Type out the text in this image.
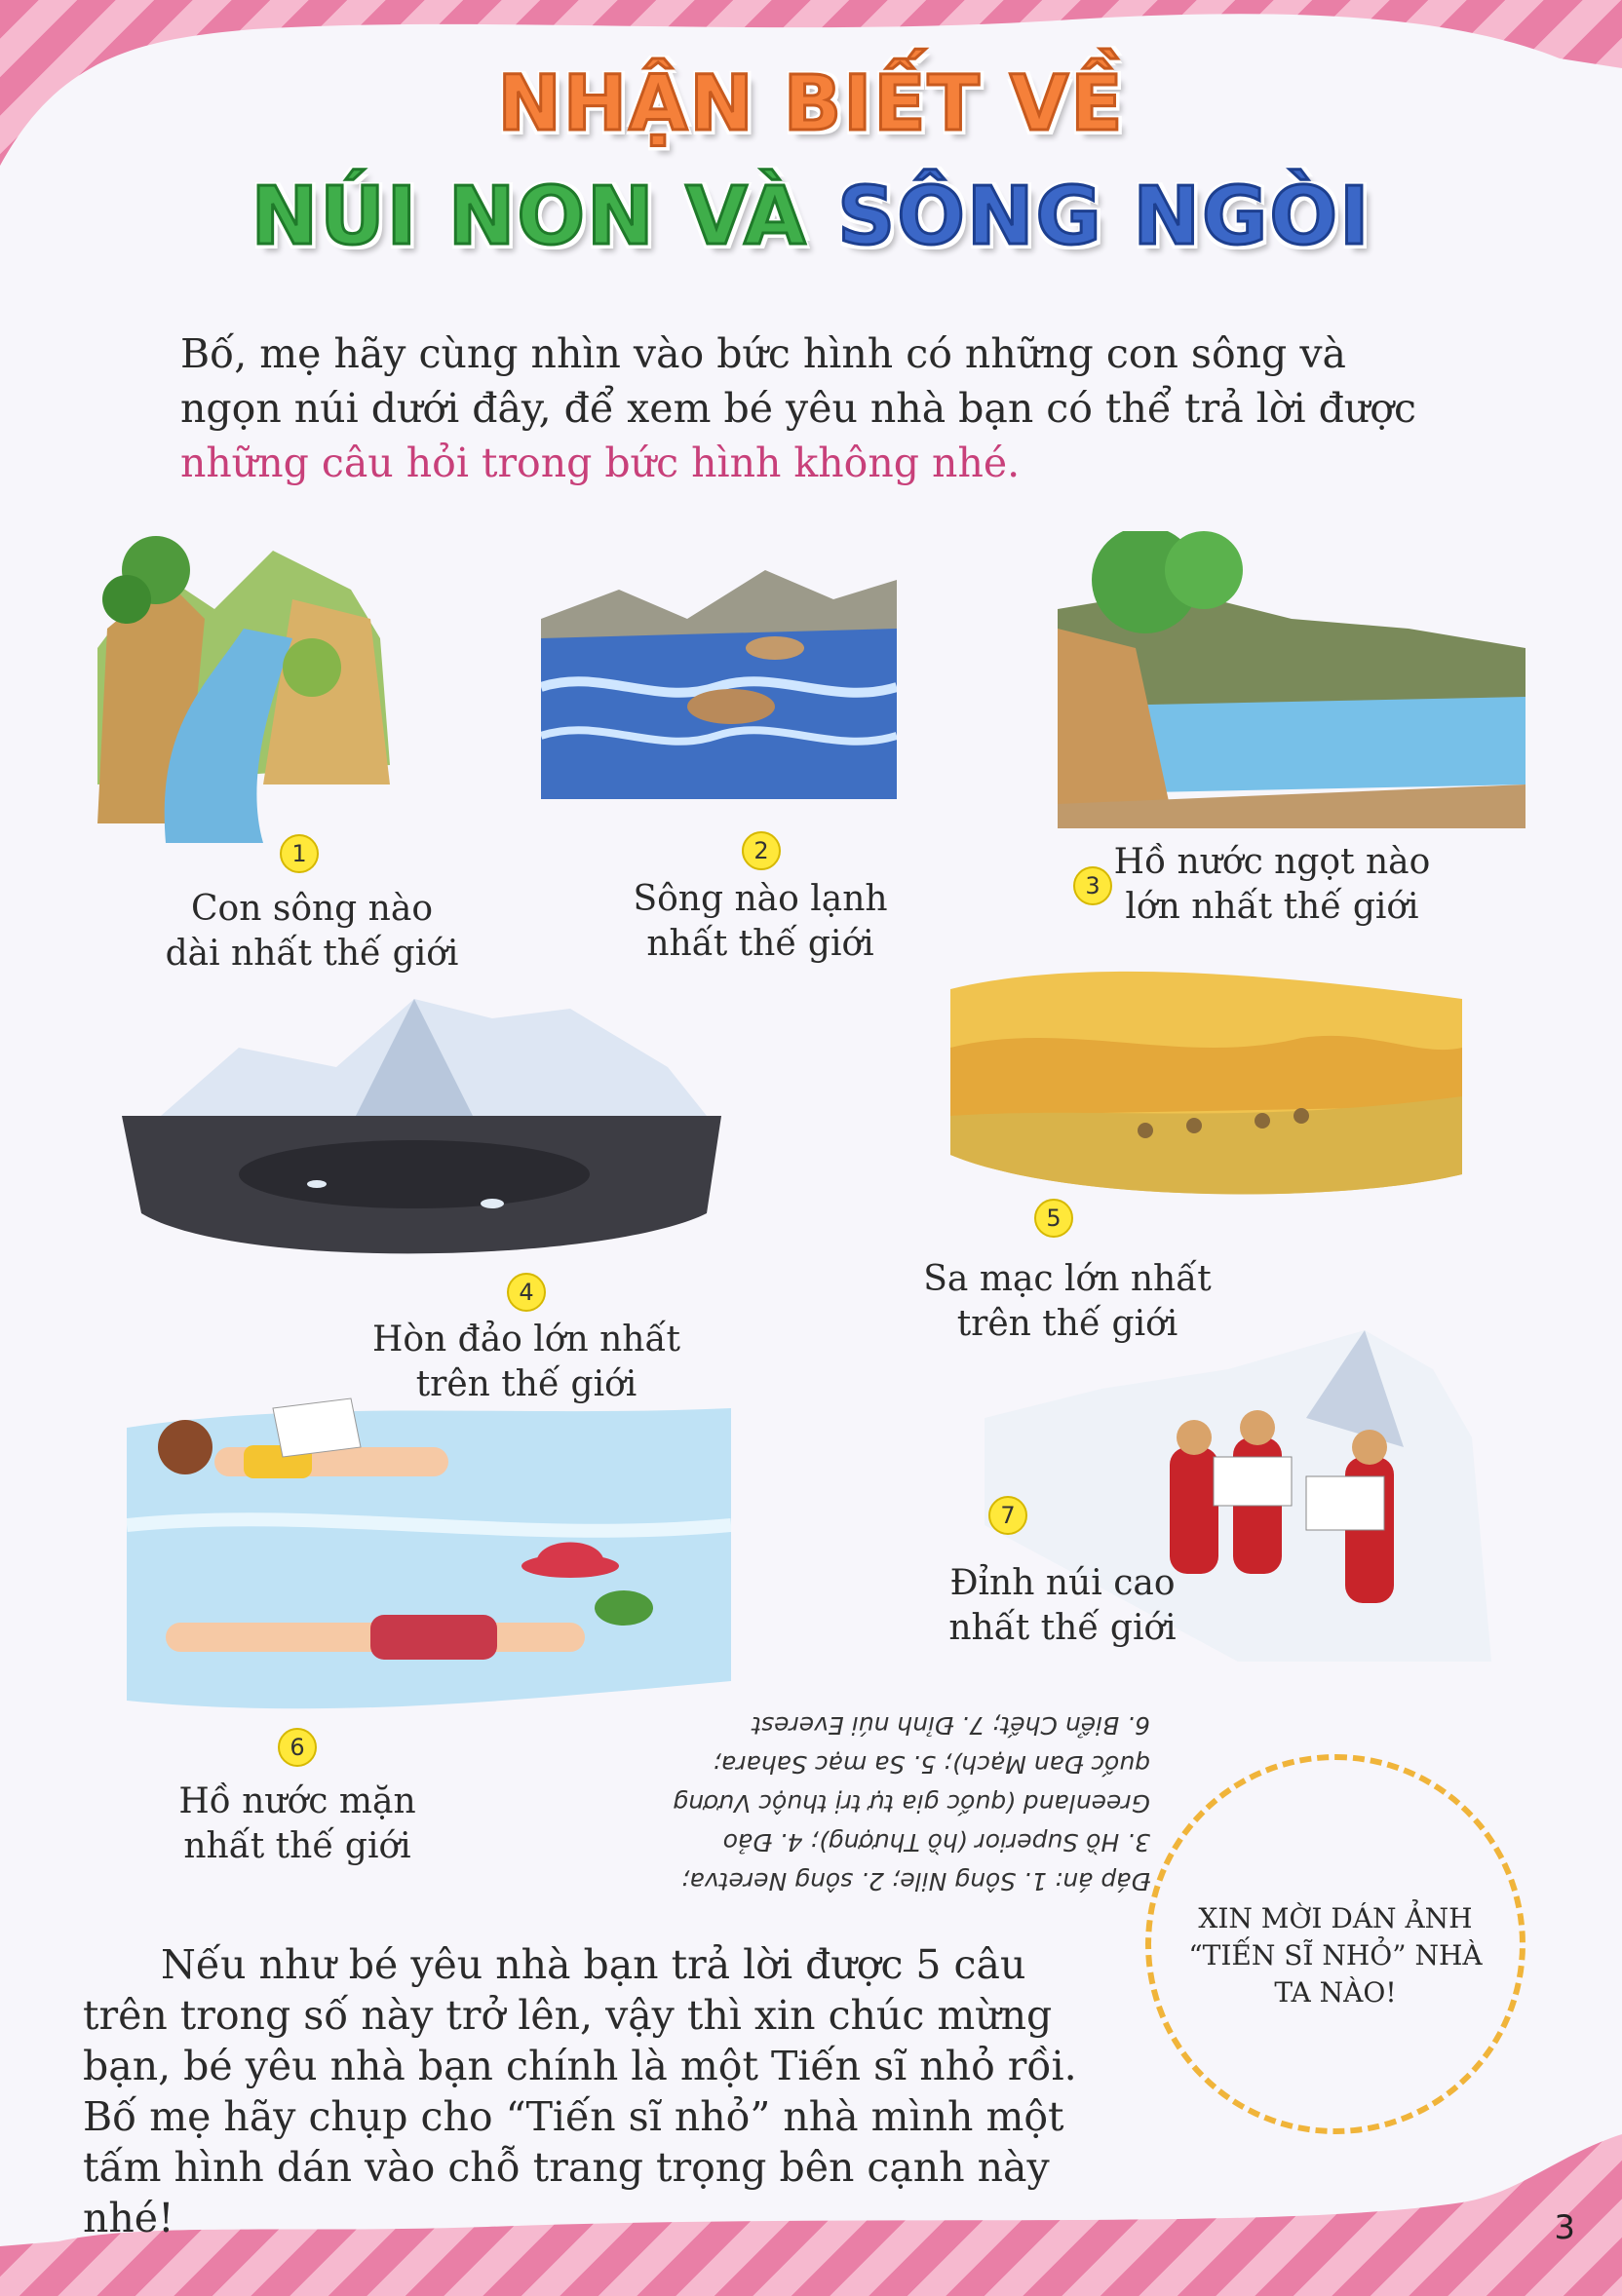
NHẬN BIẾT VỀ
NÚI NON VÀ SÔNG NGÒI
Bố, mẹ hãy cùng nhìn vào bức hình có những con sông và ngọn núi dưới đây, để xem bé yêu nhà bạn có thể trả lời được những câu hỏi trong bức hình không nhé.
1
Con sông nào
dài nhất thế giới
2
Sông nào lạnh
nhất thế giới
3
Hồ nước ngọt nào
lớn nhất thế giới
4
Hòn đảo lớn nhất
trên thế giới
5
Sa mạc lớn nhất
trên thế giới
6
Hồ nước mặn
nhất thế giới
7
Đỉnh núi cao
nhất thế giới
Đáp án: 1. Sông Nile; 2. sông Neretva;
3. Hồ Superior (hồ Thượng); 4. Đảo
Greenland (quốc gia tự trị thuộc Vương
quốc Đan Mạch); 5. Sa mạc Sahara;
6. Biển Chết; 7. Đỉnh núi Everest
Nếu như bé yêu nhà bạn trả lời được 5 câu trên trong số này trở lên, vậy thì xin chúc mừng bạn, bé yêu nhà bạn chính là một Tiến sĩ nhỏ rồi. Bố mẹ hãy chụp cho “Tiến sĩ nhỏ” nhà mình một tấm hình dán vào chỗ trang trọng bên cạnh này nhé!
XIN MỜI DÁN ẢNH
“TIẾN SĨ NHỎ” NHÀ
TA NÀO!
3
